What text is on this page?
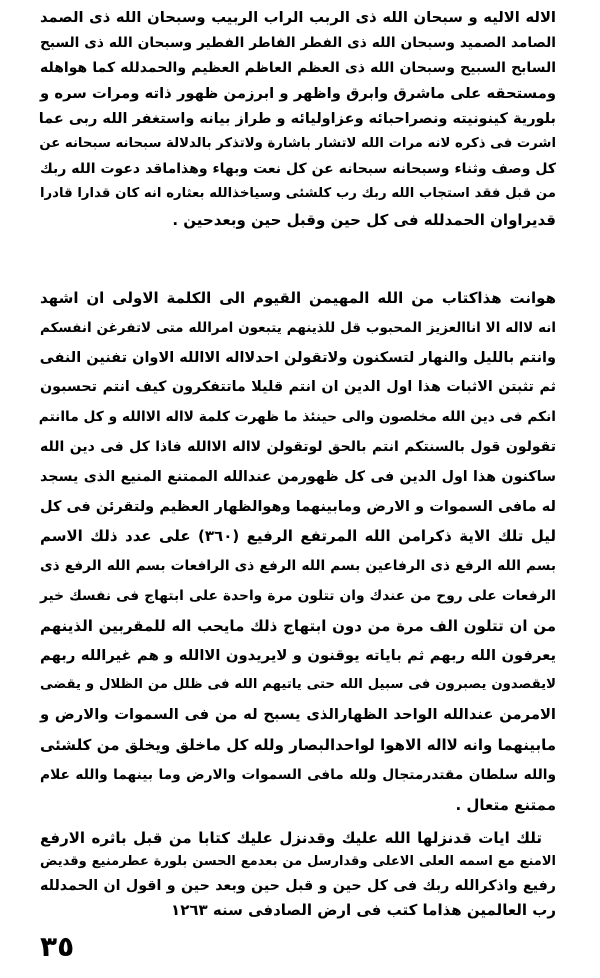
الاله الاليه و سبحان الله ذى الربب الراب الربيب وسبحان الله ذى الصمد
الصامد الصميد وسبحان الله ذى الفطر الفاطر الفطير وسبحان الله ذى السبح
السابح السبيح وسبحان الله ذى العظم العاظم العظيم والحمدلله كما هواهله
ومستحقه على ماشرق وابرق واظهر و ابرزمن ظهور ذاته ومرات سره و
بلورية كينونيته ونصراحبائه وعزاوليائه و طراز بيانه واستغفر الله ربى عما
اشرت فى ذكره لانه مرات الله لاتشار باشارة ولاتذكر بالدلالة سبحانه سبحانه عن
كل وصف وثناء وسبحانه سبحانه عن كل نعت وبهاء وهذاماقد دعوت الله ربك
من قبل فقد استجاب الله ربك رب كلشئى وسياخذالله بعثاره انه كان قدارا قادرا
قديراوان الحمدلله فى كل حين وقبل حين وبعدحين .
هوانت هذاكتاب من الله المهيمن القيوم الى الكلمة الاولى ان اشهد
انه لااله الا اناالعزيز المحبوب قل للذينهم يتبعون امرالله متى لاتفرغن انفسكم
وانتم بالليل والنهار لتسكنون ولاتقولن احدلااله الاالله الاوان تفنين النفى
ثم تثبتن الاثبات هذا اول الدين ان انتم قليلا ماتتفكرون كيف انتم تحسبون
انكم فى دين الله مخلصون والى حينئذ ما ظهرت كلمة لااله الاالله و كل ماانتم
تقولون قول بالسنتكم انتم بالحق لوتقولن لااله الاالله فاذا كل فى دين الله
ساكنون هذا اول الدين فى كل ظهورمن عندالله الممتنع المنيع الذى يسجد
له مافى السموات و الارض ومابينهما وهوالظهار العظيم ولتقرئن فى كل
ليل تلك الاية ذكرامن الله المرتفع الرفيع (٣٦٠) على عدد ذلك الاسم
بسم الله الرفع ذى الرفاعين بسم الله الرفع ذى الرافعات بسم الله الرفع ذى
الرفعات على روح من عندك وان تتلون مرة واحدة على ابتهاج فى نفسك خير
من ان تتلون الف مرة من دون ابتهاج ذلك مايحب اله للمقربين الذينهم
يعرفون الله ربهم ثم باياته يوقنون و لايريدون الاالله و هم غيرالله ربهم
لايقصدون يصبرون فى سبيل الله حتى ياتيهم الله فى ظلل من الظلال و يقضى
الامرمن عندالله الواحد الظهارالذى يسبح له من فى السموات والارض و
مابينهما وانه لااله الاهوا لواحدالبصار ولله كل ماخلق ويخلق من كلشئى
والله سلطان مقتدرمتجال ولله مافى السموات والارض وما بينهما والله علام
ممتنع متعال .
تلك ايات قدنزلها الله عليك وقدنزل عليك كتابا من قبل باثره الارفع
الامنع مع اسمه العلى الاعلى وقدارسل من بعدمع الحسن بلورة عطرمنيع وقديض
رفيع واذكرالله ربك فى كل حين و قبل حين وبعد حين و اقول ان الحمدلله
رب العالمين هذاما كتب فى ارض الصادفى سنه ١٢٦٣
٣٥
